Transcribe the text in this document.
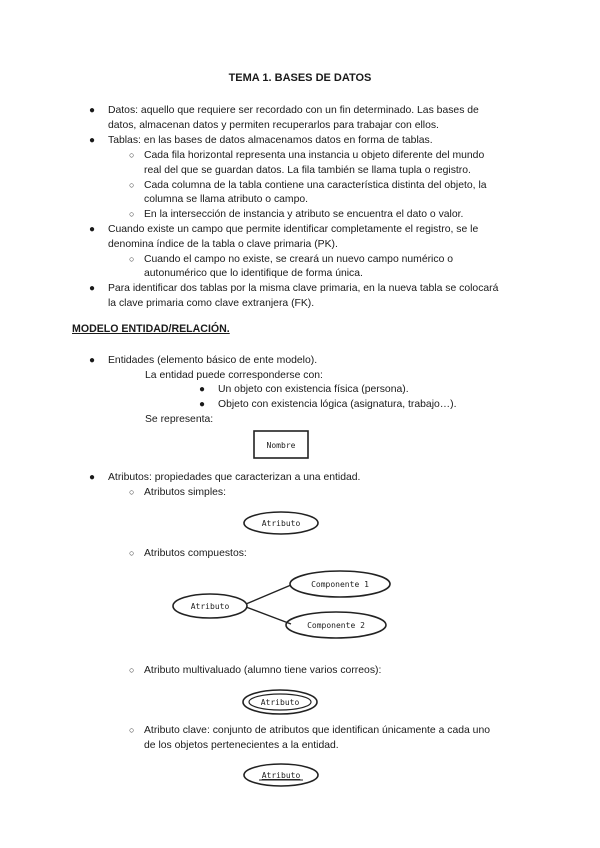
TEMA 1. BASES DE DATOS
● Datos: aquello que requiere ser recordado con un fin determinado. Las bases de
datos, almacenan datos y permiten recuperarlos para trabajar con ellos.
● Tablas: en las bases de datos almacenamos datos en forma de tablas.
○ Cada fila horizontal representa una instancia u objeto diferente del mundo
real del que se guardan datos. La fila también se llama tupla o registro.
○ Cada columna de la tabla contiene una característica distinta del objeto, la
columna se llama atributo o campo.
○ En la intersección de instancia y atributo se encuentra el dato o valor.
● Cuando existe un campo que permite identificar completamente el registro, se le
denomina índice de la tabla o clave primaria (PK).
○ Cuando el campo no existe, se creará un nuevo campo numérico o
autonumérico que lo identifique de forma única.
● Para identificar dos tablas por la misma clave primaria, en la nueva tabla se colocará
la clave primaria como clave extranjera (FK).
MODELO ENTIDAD/RELACIÓN.
● Entidades (elemento básico de ente modelo).
La entidad puede corresponderse con:
● Un objeto con existencia física (persona).
● Objeto con existencia lógica (asignatura, trabajo…).
Se representa:
● Atributos: propiedades que caracterizan a una entidad.
○ Atributos simples:
○ Atributos compuestos:
○ Atributo multivaluado (alumno tiene varios correos):
○ Atributo clave: conjunto de atributos que identifican únicamente a cada uno
de los objetos pertenecientes a la entidad.
Nombre
Atributo
Atributo
Componente 1
Componente 2
Atributo
Atributo
